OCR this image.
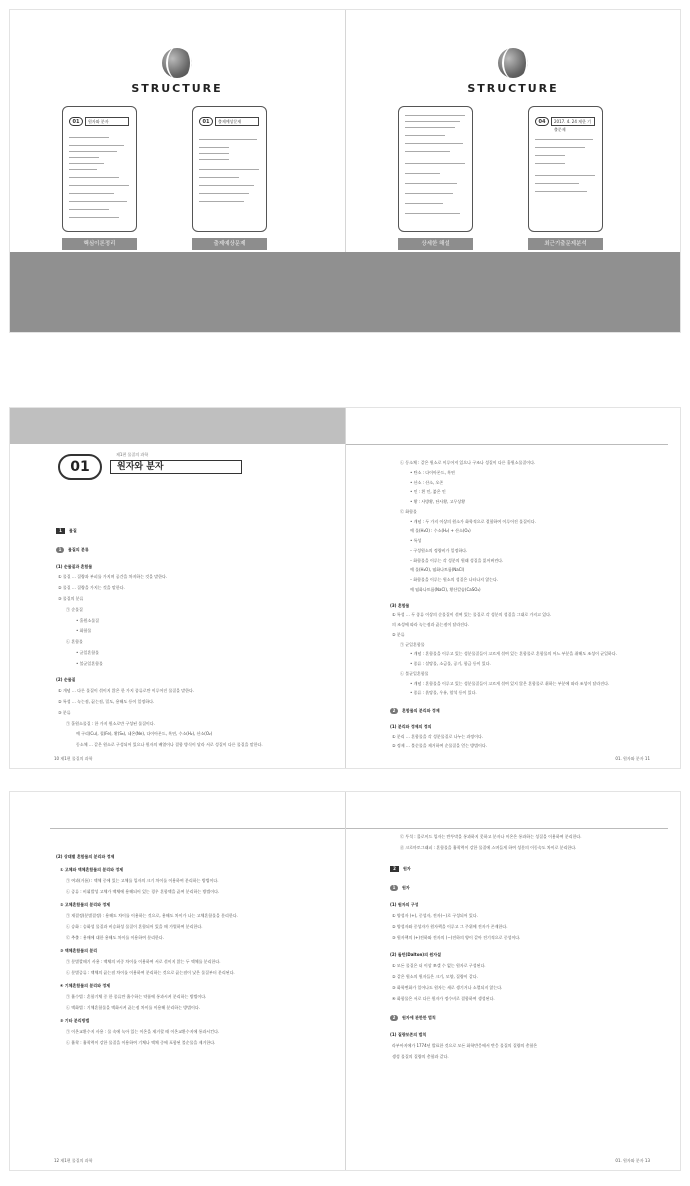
STRUCTURE
01	원자와 분자
핵심이론정리
01	출제예상문제
출제예상문제
STRUCTURE
상세한 해설
04	2017. 4. 24 제한 기출문제
최근기출문제분석
01
제1편 물질의 과학
원자와 분자
1 물질
1 물질의 분류
(1) 순물질과 혼합물
① 물질 … 질량과 부피를 가지며 공간을 차지하는 것을 말한다.
② 물질 … 질량을 가지는 것을 말한다.
③ 물질의 분류
㉠ 순물질
• 홑원소물질
• 화합물
㉡ 혼합물
• 균일혼합물
• 불균일혼합물
(2) 순물질
① 개념 … 다른 물질이 섞이지 않은 한 가지 종류로만 이루어진 물질을 말한다.
② 특성 … 녹는점, 끓는점, 밀도, 용해도 등이 일정하다.
③ 분류
㉠ 홑원소물질 : 한 가지 원소로만 구성된 물질이다.
예 구리(Cu), 철(Fe), 황(S₈), 네온(Ne), 다이아몬드, 흑연, 수소(H₂), 산소(O₂)
동소체 … 같은 원소로 구성되어 있으나 원자의 배열이나 결합 방식이 달라 서로 성질이 다른 물질을 말한다.
10 제1편 물질의 과학
㉡ 동소체 : 같은 원소로 이루어져 있으나 구조나 성질이 다른 홑원소물질이다.
• 탄소 : 다이아몬드, 흑연
• 산소 : 산소, 오존
• 인 : 흰 인, 붉은 인
• 황 : 사방황, 단사황, 고무상황
㉢ 화합물
• 개념 : 두 가지 이상의 원소가 화학적으로 결합하여 이루어진 물질이다.
예 물(H₂O) : 수소(H₂) + 산소(O₂)
• 특성
– 구성원소의 정량비가 일정하다.
– 화합물을 이루는 각 성분의 원래 성질을 잃어버린다.
예 물(H₂O), 염화나트륨(NaCl)
– 화합물을 이루는 원소의 성질은 나타나지 않는다.
예 염화나트륨(NaCl), 황산칼슘(CaSO₄)
(3) 혼합물
① 특성 … 두 종류 이상의 순물질이 섞여 있는 물질로 각 성분의 성질을 그대로 가지고 있다.
의 조성에 따라 녹는점과 끓는점이 달라진다.
② 분류
㉠ 균일혼합물
• 개념 : 혼합물을 이루고 있는 성분물질들이 고르게 섞여 있는 혼합물로 혼합물의 어느 부분을 취해도 조성이 균일하다.
• 종류 : 설탕물, 소금물, 공기, 합금 등이 있다.
㉡ 불균일혼합물
• 개념 : 혼합물을 이루고 있는 성분물질들이 고르게 섞여 있지 않은 혼합물로 취하는 부분에 따라 조성이 달라진다.
• 종류 : 흙탕물, 우유, 암석 등이 있다.
2 혼합물의 분리와 정제
(1) 분리와 정제의 정의
① 분리 … 혼합물을 각 성분물질로 나누는 과정이다.
② 정제 … 불순물을 제거하여 순물질을 얻는 방법이다.
01. 원자와 분자 11
(2) 상태별 혼합물의 분리와 정제
① 고체와 액체혼합물의 분리와 정제
㉠ 여과(거름) : 액체 중에 있는 고체를 입자의 크기 차이를 이용하여 분리하는 방법이다.
㉡ 증류 : 비휘발성 고체가 액체에 용해되어 있는 경우 혼합액을 끓여 분리하는 방법이다.
② 고체혼합물의 분리와 정제
㉠ 재결정(분별결정) : 용해도 차이를 이용하는 것으로, 용해도 차이가 나는 고체혼합물을 분리한다.
㉡ 승화 : 승화성 물질과 비승화성 물질이 혼합되어 있을 때 가열하여 분리한다.
㉢ 추출 : 용매에 대한 용해도 차이를 이용하여 분리한다.
③ 액체혼합물의 분리
㉠ 분별깔때기 사용 : 액체의 비중 차이를 이용하여 서로 섞이지 않는 두 액체를 분리한다.
㉡ 분별증류 : 액체의 끓는점 차이를 이용하여 분리하는 것으로 끓는점이 낮은 물질부터 분리된다.
④ 기체혼합물의 분리와 정제
㉠ 흡수법 : 혼합기체 중 한 종류만 흡수하는 약품에 통과시켜 분리하는 방법이다.
㉡ 액화법 : 기체혼합물을 액화시켜 끓는점 차이를 이용해 분리하는 방법이다.
⑤ 기타 분리방법
㉠ 이온교환수지 사용 : 물 속에 녹아 있는 이온을 제거할 때 이온교환수지에 통과시킨다.
㉡ 흡착 : 흡착력이 강한 물질을 이용하여 기체나 액체 중에 포함된 불순물을 제거한다.
12 제1편 물질의 과학
㉢ 투석 : 콜로이드 입자는 반투막을 통과하지 못하고 분자나 이온은 통과하는 성질을 이용하여 분리한다.
㉣ 크로마토그래피 : 혼합물을 흡착력이 강한 물질에 스며들게 하여 성분의 이동속도 차이로 분리한다.
2 원자
1 원자
(1) 원자의 구성
① 양성자 (+), 중성자, 전자(−)로 구성되어 있다.
② 양성자와 중성자가 원자핵을 이루고 그 주위에 전자가 존재한다.
③ 원자핵의 (+)전하와 전자의 (−)전하의 양이 같아 전기적으로 중성이다.
(2) 돌턴(Dalton)의 원자설
① 모든 물질은 더 이상 쪼갤 수 없는 원자로 구성된다.
② 같은 원소의 원자들은 크기, 모양, 질량이 같다.
③ 화학변화가 일어나도 원자는 새로 생기거나 소멸되지 않는다.
④ 화합물은 서로 다른 원자가 정수비로 결합하여 생성된다.
2 원자에 관한한 법칙
(1) 질량보존의 법칙
라부아지에가 1774년 발표한 것으로 모든 화학반응에서 반응 물질의 질량의 총합은
생성 물질의 질량의 총합과 같다.
01. 원자와 분자 13
